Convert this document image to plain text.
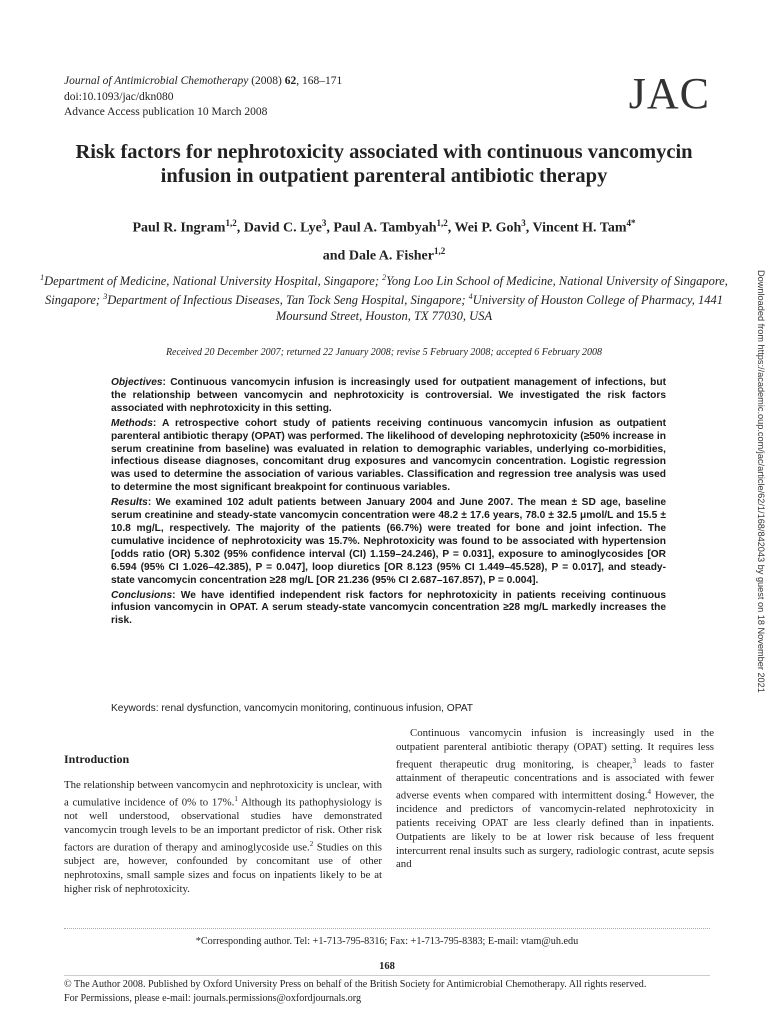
Journal of Antimicrobial Chemotherapy (2008) 62, 168–171
doi:10.1093/jac/dkn080
Advance Access publication 10 March 2008	JAC
Risk factors for nephrotoxicity associated with continuous vancomycin infusion in outpatient parenteral antibiotic therapy
Paul R. Ingram$^{1,2}$, David C. Lye$^3$, Paul A. Tambyah$^{1,2}$, Wei P. Goh$^3$, Vincent H. Tam$^{4*}$
and Dale A. Fisher$^{1,2}$
$^1$Department of Medicine, National University Hospital, Singapore; $^2$Yong Loo Lin School of Medicine, National University of Singapore, Singapore; $^3$Department of Infectious Diseases, Tan Tock Seng Hospital, Singapore; $^4$University of Houston College of Pharmacy, 1441 Moursund Street, Houston, TX 77030, USA
Received 20 December 2007; returned 22 January 2008; revise 5 February 2008; accepted 6 February 2008

Objectives: Continuous vancomycin infusion is increasingly used for outpatient management of infections, but the relationship between vancomycin and nephrotoxicity is controversial. We investigated the risk factors associated with nephrotoxicity in this setting.

Methods: A retrospective cohort study of patients receiving continuous vancomycin infusion as outpatient parenteral antibiotic therapy (OPAT) was performed. The likelihood of developing nephrotoxicity (≥50% increase in serum creatinine from baseline) was evaluated in relation to demographic variables, underlying co-morbidities, infectious disease diagnoses, concomitant drug exposures and vancomycin concentration. Logistic regression was used to determine the association of various variables. Classification and regression tree analysis was used to determine the most significant breakpoint for continuous variables.

Results: We examined 102 adult patients between January 2004 and June 2007. The mean ± SD age, baseline serum creatinine and steady-state vancomycin concentration were 48.2 ± 17.6 years, 78.0 ± 32.5 μmol/L and 15.5 ± 10.8 mg/L, respectively. The majority of the patients (66.7%) were treated for bone and joint infection. The cumulative incidence of nephrotoxicity was 15.7%. Nephrotoxicity was found to be associated with hypertension [odds ratio (OR) 5.302 (95% confidence interval (CI) 1.159–24.246), P = 0.031], exposure to aminoglycosides [OR 6.594 (95% CI 1.026–42.385), P = 0.047], loop diuretics [OR 8.123 (95% CI 1.449–45.528), P = 0.017], and steady-state vancomycin concentration ≥28 mg/L [OR 21.236 (95% CI 2.687–167.857), P = 0.004].

Conclusions: We have identified independent risk factors for nephrotoxicity in patients receiving continuous infusion vancomycin in OPAT. A serum steady-state vancomycin concentration ≥28 mg/L markedly increases the risk.

Keywords: renal dysfunction, vancomycin monitoring, continuous infusion, OPAT
Introduction

The relationship between vancomycin and nephrotoxicity is unclear, with a cumulative incidence of 0% to 17%.$^1$ Although its pathophysiology is not well understood, observational studies have demonstrated vancomycin trough levels to be an important predictor of risk. Other risk factors are duration of therapy and aminoglycoside use.$^2$ Studies on this subject are, however, confounded by concomitant use of other nephrotoxins, small sample sizes and focus on inpatients likely to be at higher risk of nephrotoxicity.

Continuous vancomycin infusion is increasingly used in the outpatient parenteral antibiotic therapy (OPAT) setting. It requires less frequent therapeutic drug monitoring, is cheaper,$^3$ leads to faster attainment of therapeutic concentrations and is associated with fewer adverse events when compared with intermittent dosing.$^4$ However, the incidence and predictors of vancomycin-related nephrotoxicity in patients receiving OPAT are less clearly defined than in inpatients. Outpatients are likely to be at lower risk because of less frequent intercurrent renal insults such as surgery, radiologic contrast, acute sepsis and

*Corresponding author. Tel: +1-713-795-8316; Fax: +1-713-795-8383; E-mail: vtam@uh.edu
168
© The Author 2008. Published by Oxford University Press on behalf of the British Society for Antimicrobial Chemotherapy. All rights reserved.
For Permissions, please e-mail: journals.permissions@oxfordjournals.org
Downloaded from https://academic.oup.com/jac/article/62/1/168/842043 by guest on 18 November 2021
